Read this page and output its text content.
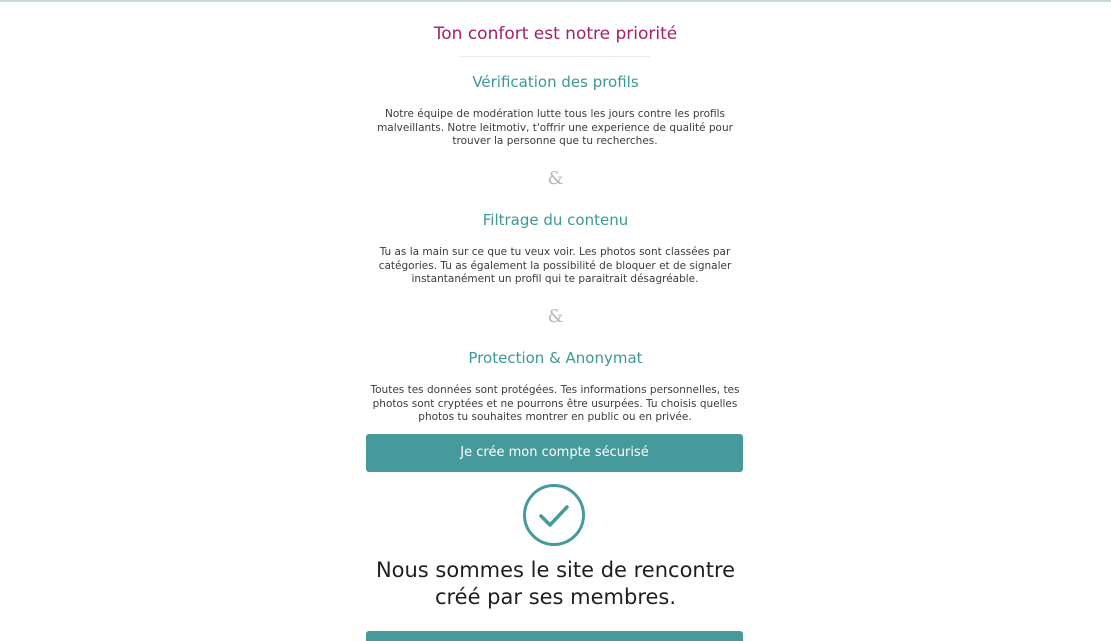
Ton confort est notre priorité
Vérification des profils

Notre équipe de modération lutte tous les jours contre les profils malveillants. Notre leitmotiv, t'offrir une experience de qualité pour trouver la personne que tu recherches.

&
Filtrage du contenu

Tu as la main sur ce que tu veux voir. Les photos sont classées par catégories. Tu as également la possibilité de bloquer et de signaler instantanément un profil qui te paraitrait désagréable.

&
Protection & Anonymat

Toutes tes données sont protégées. Tes informations personnelles, tes photos sont cryptées et ne pourrons être usurpées. Tu choisis quelles photos tu souhaites montrer en public ou en privée.

Je crée mon compte sécurisé
Nous sommes le site de rencontre
créé par ses membres.
